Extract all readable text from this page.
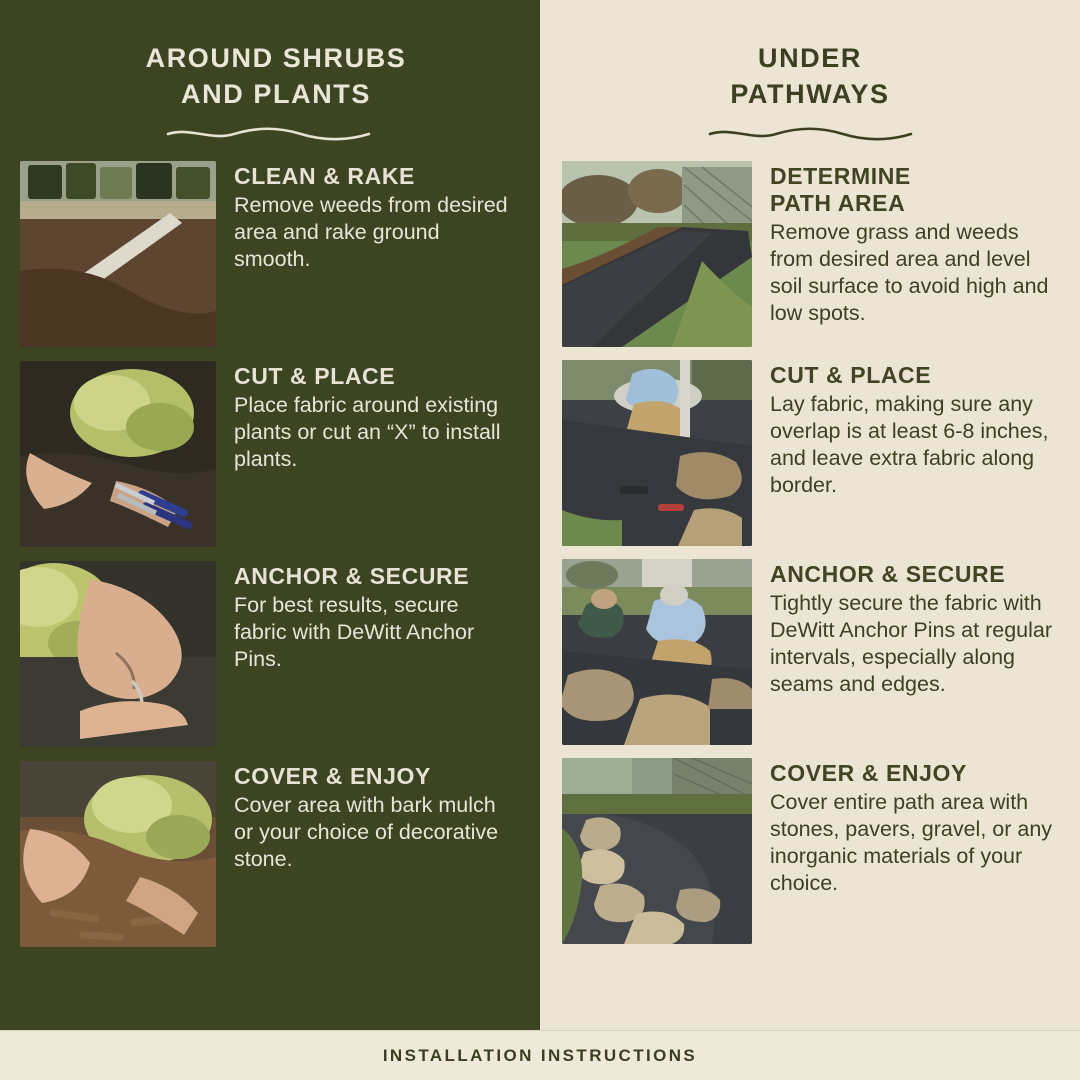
AROUND SHRUBS
AND PLANTS
CLEAN & RAKE
Remove weeds from desired area and rake ground smooth.
CUT & PLACE
Place fabric around existing plants or cut an “X” to install plants.
ANCHOR & SECURE
For best results, secure fabric with DeWitt Anchor Pins.
COVER & ENJOY
Cover area with bark mulch or your choice of decorative stone.
UNDER
PATHWAYS
DETERMINE
PATH AREA
Remove grass and weeds from desired area and level soil surface to avoid high and low spots.
CUT & PLACE
Lay fabric, making sure any overlap is at least 6-8 inches, and leave extra fabric along border.
ANCHOR & SECURE
Tightly secure the fabric with DeWitt Anchor Pins at regular intervals, especially along seams and edges.
COVER & ENJOY
Cover entire path area with stones, pavers, gravel, or any inorganic materials of your choice.
INSTALLATION INSTRUCTIONS
